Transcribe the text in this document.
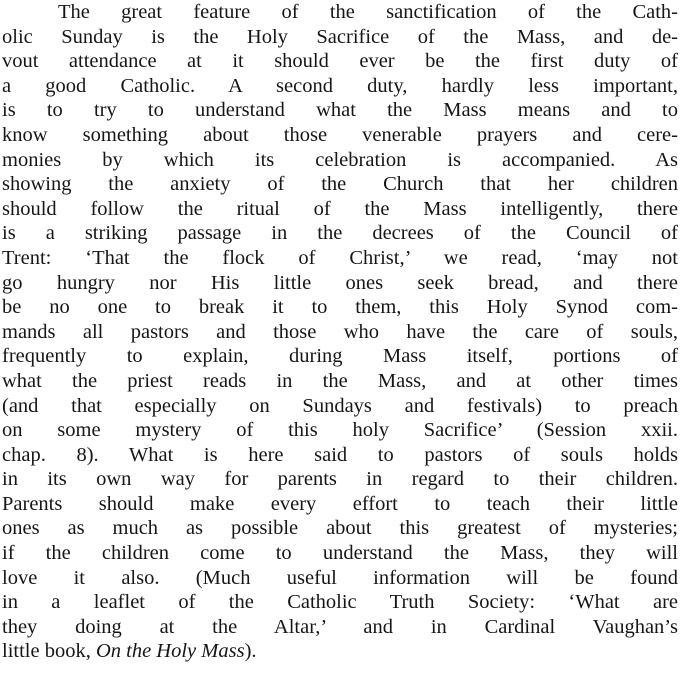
The great feature of the sanctification of the Cath-
olic Sunday is the Holy Sacrifice of the Mass, and de-
vout attendance at it should ever be the first duty of
a good Catholic. A second duty, hardly less important,
is to try to understand what the Mass means and to
know something about those venerable prayers and cere-
monies by which its celebration is accompanied. As
showing the anxiety of the Church that her children
should follow the ritual of the Mass intelligently, there
is a striking passage in the decrees of the Council of
Trent: ‘That the flock of Christ,’ we read, ‘may not
go hungry nor His little ones seek bread, and there
be no one to break it to them, this Holy Synod com-
mands all pastors and those who have the care of souls,
frequently to explain, during Mass itself, portions of
what the priest reads in the Mass, and at other times
(and that especially on Sundays and festivals) to preach
on some mystery of this holy Sacrifice’ (Session xxii.
chap. 8). What is here said to pastors of souls holds
in its own way for parents in regard to their children.
Parents should make every effort to teach their little
ones as much as possible about this greatest of mysteries;
if the children come to understand the Mass, they will
love it also. (Much useful information will be found
in a leaflet of the Catholic Truth Society: ‘What are
they doing at the Altar,’ and in Cardinal Vaughan’s
little book, On the Holy Mass).
